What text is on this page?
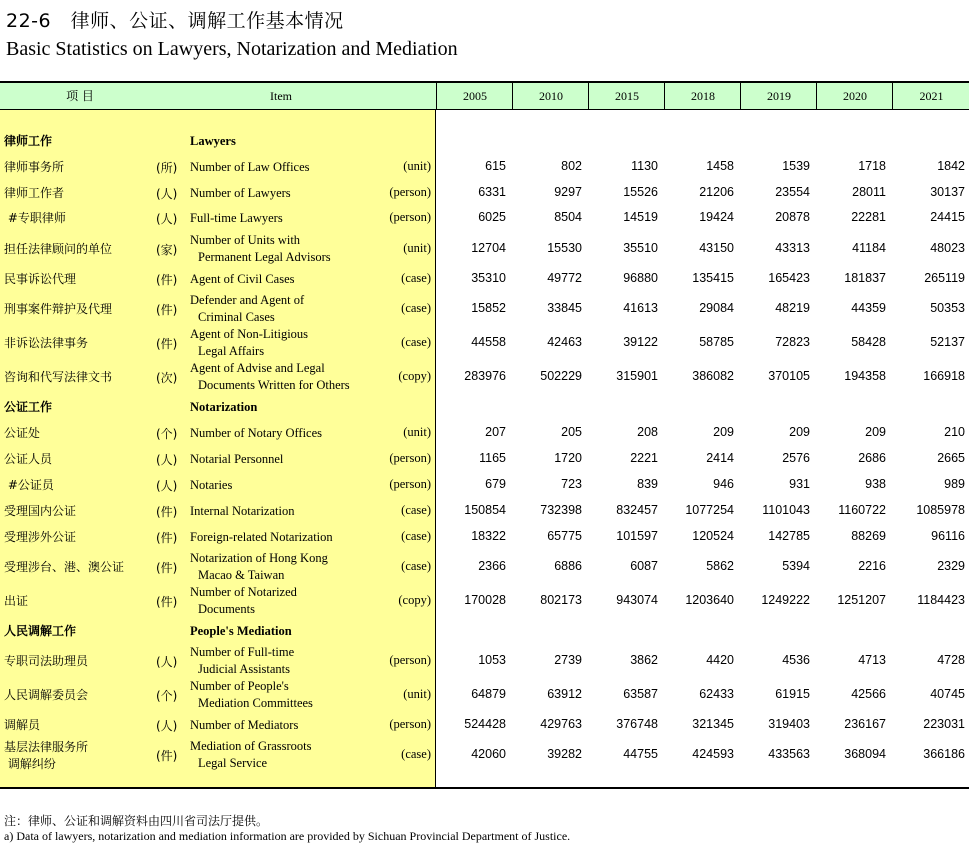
22-6　律师、公证、调解工作基本情况
Basic Statistics on Lawyers, Notarization and Mediation
项 目	Item	2005	2010	2015	2018	2019	2020	2021
律师工作	Lawyers
律师事务所	(所) Number of Law Offices	(unit)	615	802	1130	1458	1539	1718	1842
律师工作者	(人) Number of Lawyers	(person)	6331	9297	15526	21206	23554	28011	30137
#专职律师	(人) Full-time Lawyers	(person)	6025	8504	14519	19424	20878	22281	24415
担任法律顾问的单位	(家)
Number of Units with
Permanent Legal Advisors
(unit)	12704	15530	35510	43150	43313	41184	48023
民事诉讼代理	(件) Agent of Civil Cases	(case)	35310	49772	96880	135415	165423	181837	265119
刑事案件辩护及代理	(件)
Defender and Agent of
Criminal Cases
(case)	15852	33845	41613	29084	48219	44359	50353
非诉讼法律事务	(件)
Agent of Non-Litigious
Legal Affairs
(case)	44558	42463	39122	58785	72823	58428	52137
咨询和代写法律文书	(次)
Agent of Advise and Legal
Documents Written for Others
(copy)	283976	502229	315901	386082	370105	194358	166918
公证工作	Notarization
公证处	(个) Number of Notary Offices	(unit)	207	205	208	209	209	209	210
公证人员	(人) Notarial Personnel	(person)	1165	1720	2221	2414	2576	2686	2665
#公证员	(人) Notaries	(person)	679	723	839	946	931	938	989
受理国内公证	(件) Internal Notarization	(case)	150854	732398	832457	1077254	1101043	1160722	1085978
受理涉外公证	(件) Foreign-related Notarization	(case)	18322	65775	101597	120524	142785	88269	96116
受理涉台、港、澳公证	(件)
Notarization of Hong Kong
Macao & Taiwan
(case)	2366	6886	6087	5862	5394	2216	2329
出证	(件)
Number of Notarized
Documents
(copy)	170028	802173	943074	1203640	1249222	1251207	1184423
人民调解工作	People's Mediation
专职司法助理员	(人)
Number of Full-time
Judicial Assistants
(person)	1053	2739	3862	4420	4536	4713	4728
人民调解委员会	(个)
Number of People's
Mediation Committees
(unit)	64879	63912	63587	62433	61915	42566	40745
调解员	(人) Number of Mediators	(person)	524428	429763	376748	321345	319403	236167	223031
基层法律服务所
调解纠纷
(件)
Mediation of Grassroots
Legal Service
(case)	42060	39282	44755	424593	433563	368094	366186
注：律师、公证和调解资料由四川省司法厅提供。
a) Data of lawyers, notarization and mediation information are provided by Sichuan Provincial Department of Justice.
